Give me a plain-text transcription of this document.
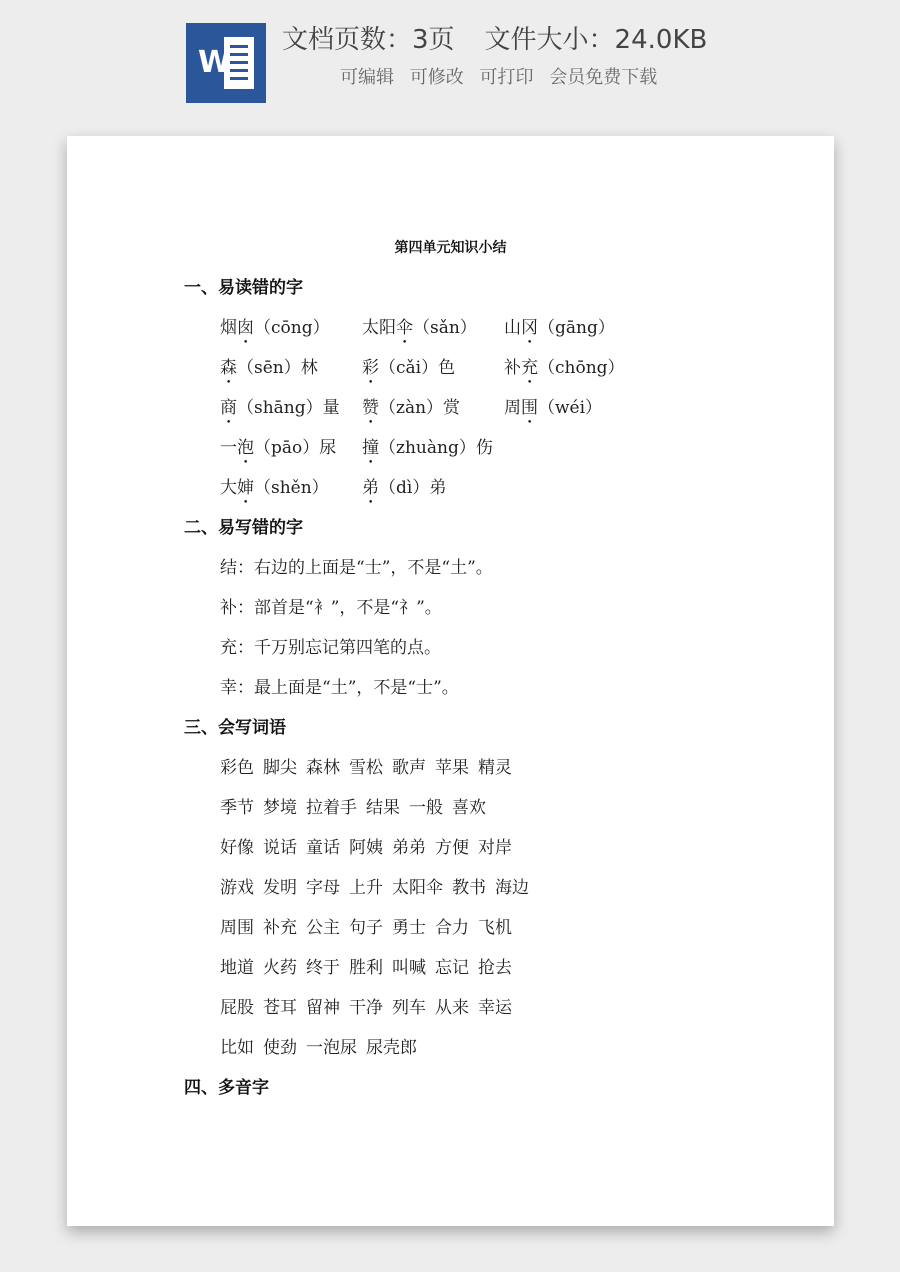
W
文档页数：3页 文件大小：24.0KB
可编辑 可修改 可打印 会员免费下载
第四单元知识小结
一、易读错的字
烟囱（cōng） 太阳伞（sǎn） 山冈（gāng）
森（sēn）林	彩（cǎi）色	补充（chōng）
商（shāng）量 赞（zàn）赏	周围（wéi）
一泡（pāo）尿 撞（zhuàng）伤
大婶（shěn） 弟（dì）弟
二、易写错的字
结：右边的上面是“士”，不是“土”。
补：部首是“衤”，不是“礻”。
充：千万别忘记第四笔的点。
幸：最上面是“土”，不是“士”。
三、会写词语
彩色 脚尖 森林 雪松 歌声 苹果 精灵
季节 梦境 拉着手 结果 一般 喜欢
好像 说话 童话 阿姨 弟弟 方便 对岸
游戏 发明 字母 上升 太阳伞 教书 海边
周围 补充 公主 句子 勇士 合力 飞机
地道 火药 终于 胜利 叫喊 忘记 抢去
屁股 苍耳 留神 干净 列车 从来 幸运
比如 使劲 一泡尿 尿壳郎
四、多音字
